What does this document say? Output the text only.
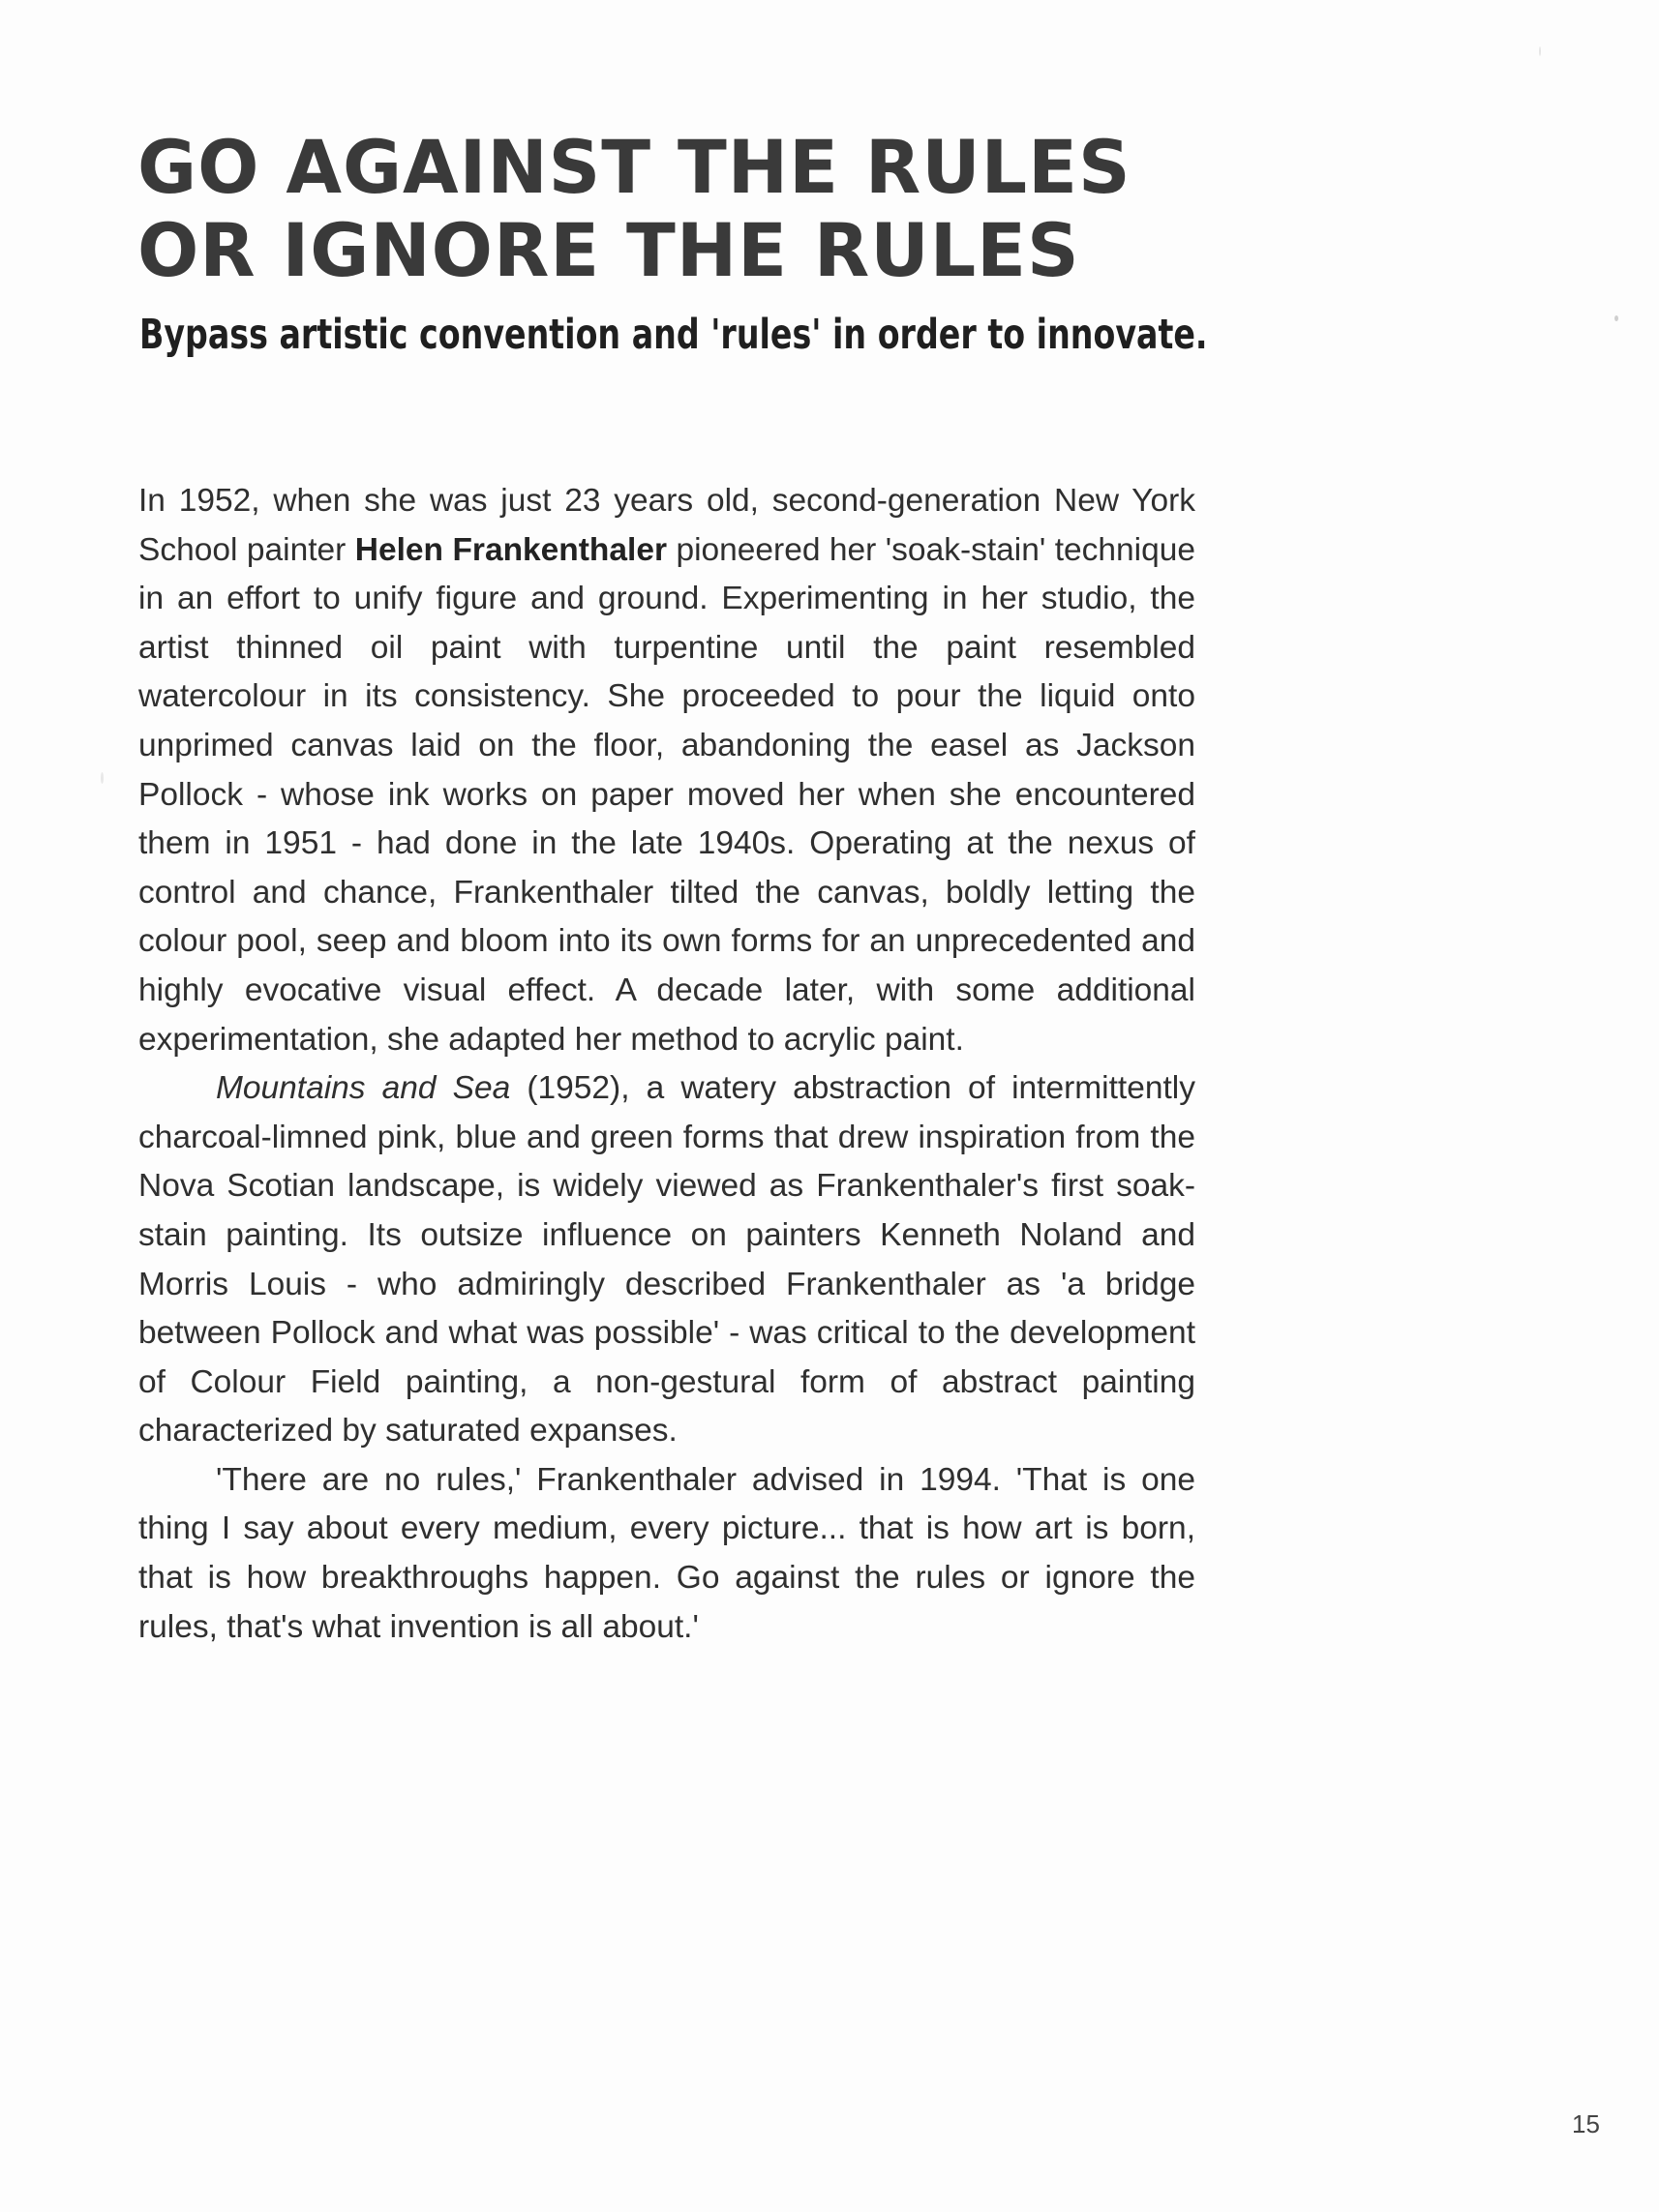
GO AGAINST THE RULES
OR IGNORE THE RULES
Bypass artistic convention and 'rules' in order to innovate.

In 1952, when she was just 23 years old, second-generation New York School painter Helen Frankenthaler pioneered her 'soak-stain' technique in an effort to unify figure and ground. Experimenting in her studio, the artist thinned oil paint with turpentine until the paint resembled watercolour in its consistency. She proceeded to pour the liquid onto unprimed canvas laid on the floor, abandoning the easel as Jackson Pollock - whose ink works on paper moved her when she encountered them in 1951 - had done in the late 1940s. Operating at the nexus of control and chance, Frankenthaler tilted the canvas, boldly letting the colour pool, seep and bloom into its own forms for an unprecedented and highly evocative visual effect. A decade later, with some additional experimentation, she adapted her method to acrylic paint.

Mountains and Sea (1952), a watery abstraction of intermittently charcoal-limned pink, blue and green forms that drew inspiration from the Nova Scotian landscape, is widely viewed as Frankenthaler's first soak-stain painting. Its outsize influence on painters Kenneth Noland and Morris Louis - who admiringly described Frankenthaler as 'a bridge between Pollock and what was possible' - was critical to the development of Colour Field painting, a non-gestural form of abstract painting characterized by saturated expanses.

'There are no rules,' Frankenthaler advised in 1994. 'That is one thing I say about every medium, every picture... that is how art is born, that is how breakthroughs happen. Go against the rules or ignore the rules, that's what invention is all about.'

15
